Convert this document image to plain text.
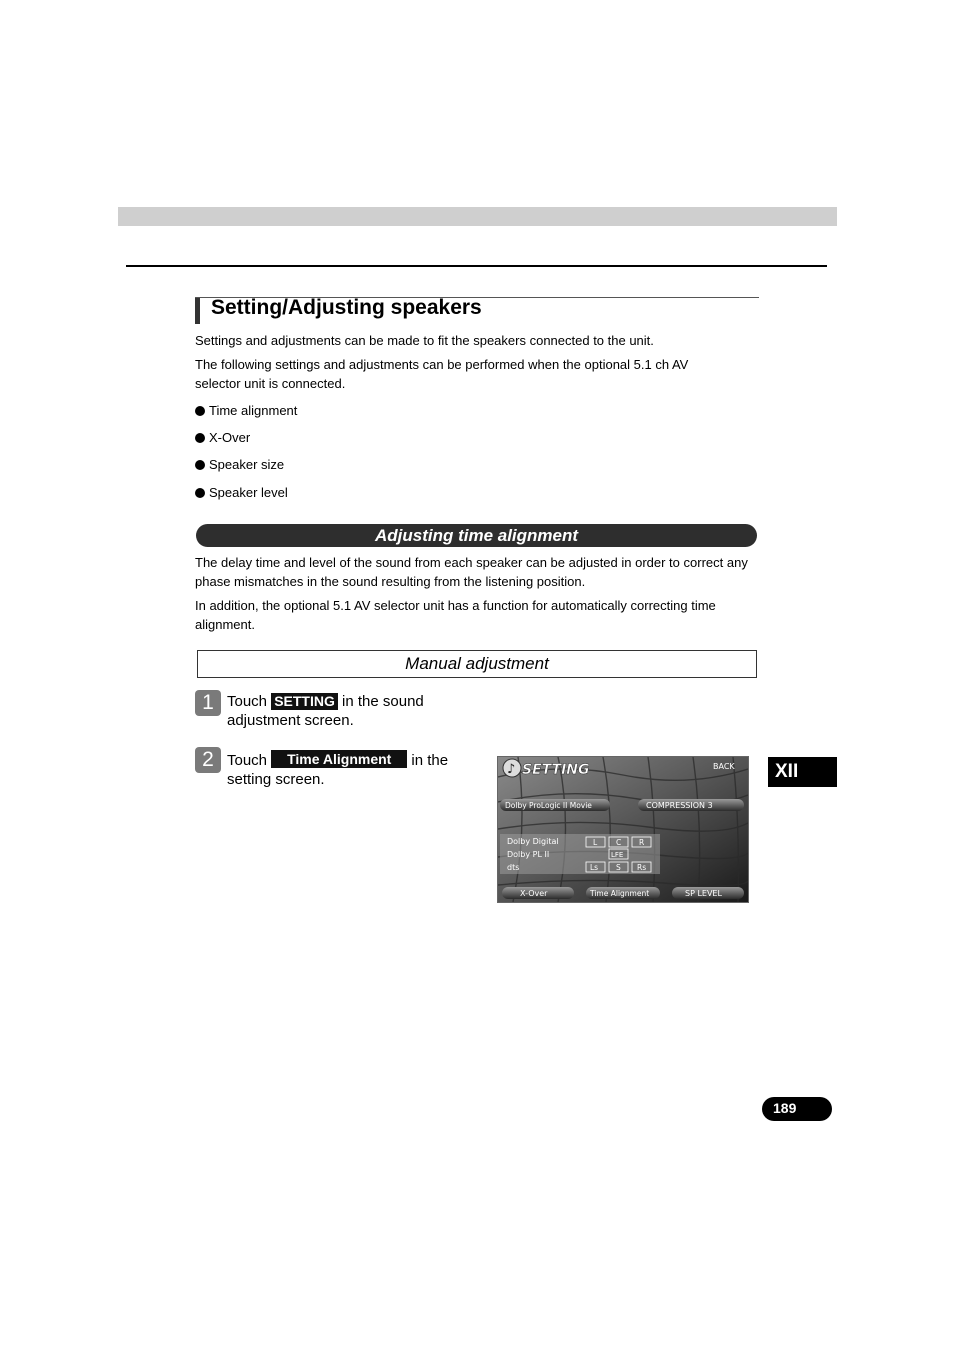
Setting/Adjusting speakers
Settings and adjustments can be made to fit the speakers connected to the unit.
The following settings and adjustments can be performed when the optional 5.1 ch AV selector unit is connected.
Time alignment
X-Over
Speaker size
Speaker level
Adjusting time alignment
The delay time and level of the sound from each speaker can be adjusted in order to correct any phase mismatches in the sound resulting from the listening position.
In addition, the optional 5.1 AV selector unit has a function for automatically correcting time alignment.
Manual adjustment
1 Touch SETTING in the sound
adjustment screen.
2 Touch Time Alignment in the
setting screen.
♪ SETTING	BACK
Dolby ProLogic II Movie	COMPRESSION 3
Dolby Digital
Dolby PL II
dts
L	C R
LFE
Ls S Rs
X-Over	Time Alignment	SP LEVEL
XII
189
